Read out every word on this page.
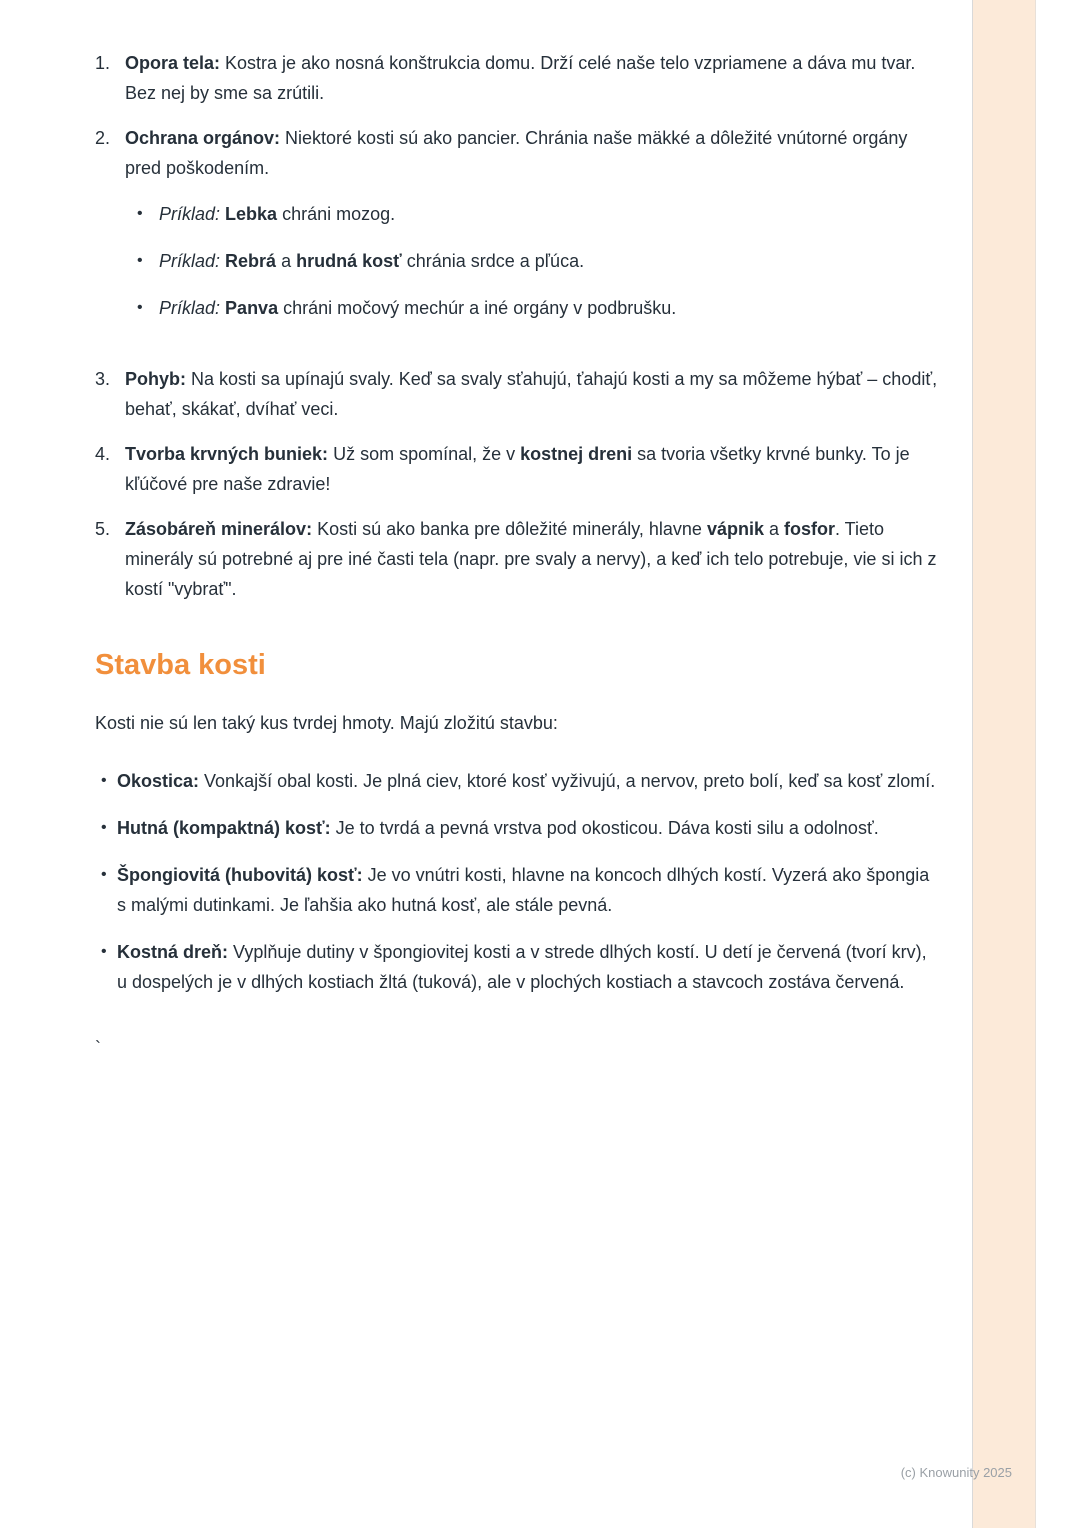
1. Opora tela: Kostra je ako nosná konštrukcia domu. Drží celé naše telo vzpriamene a dáva mu tvar. Bez nej by sme sa zrútili.
2. Ochrana orgánov: Niektoré kosti sú ako pancier. Chránia naše mäkké a dôležité vnútorné orgány pred poškodením.
• Príklad: Lebka chráni mozog.
• Príklad: Rebrá a hrudná kosť chránia srdce a pľúca.
• Príklad: Panva chráni močový mechúr a iné orgány v podbrušku.
3. Pohyb: Na kosti sa upínajú svaly. Keď sa svaly sťahujú, ťahajú kosti a my sa môžeme hýbať – chodiť, behať, skákať, dvíhať veci.
4. Tvorba krvných buniek: Už som spomínal, že v kostnej dreni sa tvoria všetky krvné bunky. To je kľúčové pre naše zdravie!
5. Zásobáreň minerálov: Kosti sú ako banka pre dôležité minerály, hlavne vápnik a fosfor. Tieto minerály sú potrebné aj pre iné časti tela (napr. pre svaly a nervy), a keď ich telo potrebuje, vie si ich z kostí "vybrať".
Stavba kosti
Kosti nie sú len taký kus tvrdej hmoty. Majú zložitú stavbu:
• Okostica: Vonkajší obal kosti. Je plná ciev, ktoré kosť vyživujú, a nervov, preto bolí, keď sa kosť zlomí.
• Hutná (kompaktná) kosť: Je to tvrdá a pevná vrstva pod okosticou. Dáva kosti silu a odolnosť.
• Špongiovitá (hubovitá) kosť: Je vo vnútri kosti, hlavne na koncoch dlhých kostí. Vyzerá ako špongia s malými dutinkami. Je ľahšia ako hutná kosť, ale stále pevná.
• Kostná dreň: Vyplňuje dutiny v špongiovitej kosti a v strede dlhých kostí. U detí je červená (tvorí krv), u dospelých je v dlhých kostiach žltá (tuková), ale v plochých kostiach a stavcoch zostáva červená.
`
(c) Knowunity 2025
